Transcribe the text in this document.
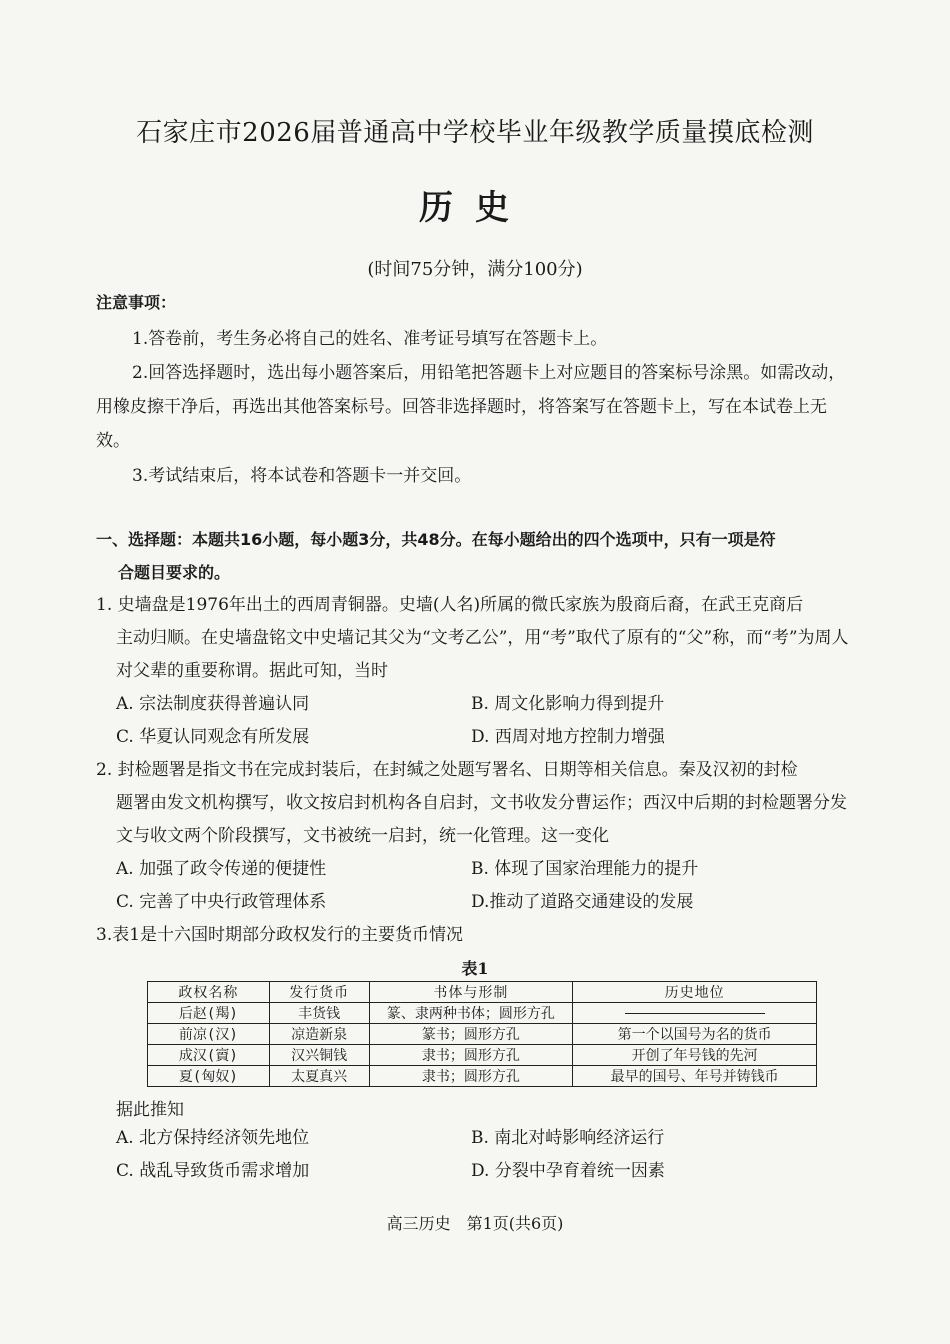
石家庄市2026届普通高中学校毕业年级教学质量摸底检测
历史
(时间75分钟，满分100分)
注意事项：
1.答卷前，考生务必将自己的姓名、准考证号填写在答题卡上。
2.回答选择题时，选出每小题答案后，用铅笔把答题卡上对应题目的答案标号涂黑。如需改动，用橡皮擦干净后，再选出其他答案标号。回答非选择题时，将答案写在答题卡上，写在本试卷上无效。
3.考试结束后，将本试卷和答题卡一并交回。
一、选择题：本题共16小题，每小题3分，共48分。在每小题给出的四个选项中，只有一项是符
合题目要求的。
1. 史墙盘是1976年出土的西周青铜器。史墙(人名)所属的微氏家族为殷商后裔，在武王克商后
主动归顺。在史墙盘铭文中史墙记其父为“文考乙公”，用“考”取代了原有的“父”称，而“考”为周人对父辈的重要称谓。据此可知，当时
A. 宗法制度获得普遍认同	B. 周文化影响力得到提升
C. 华夏认同观念有所发展	D. 西周对地方控制力增强
2. 封检题署是指文书在完成封装后，在封缄之处题写署名、日期等相关信息。秦及汉初的封检
题署由发文机构撰写，收文按启封机构各自启封，文书收发分曹运作；西汉中后期的封检题署分发文与收文两个阶段撰写，文书被统一启封，统一化管理。这一变化
A. 加强了政令传递的便捷性	B. 体现了国家治理能力的提升
C. 完善了中央行政管理体系	D.推动了道路交通建设的发展
3.表1是十六国时期部分政权发行的主要货币情况
表1
政权名称	发行货币	书体与形制	历史地位
后赵(羯)	丰货钱	篆、隶两种书体；圆形方孔	
前凉(汉)	凉造新泉	篆书；圆形方孔	第一个以国号为名的货币
成汉(賨)	汉兴铜钱	隶书；圆形方孔	开创了年号钱的先河
夏(匈奴)	太夏真兴	隶书；圆形方孔	最早的国号、年号并铸钱币
据此推知
A. 北方保持经济领先地位	B. 南北对峙影响经济运行
C. 战乱导致货币需求增加	D. 分裂中孕育着统一因素
高三历史　第1页(共6页)
